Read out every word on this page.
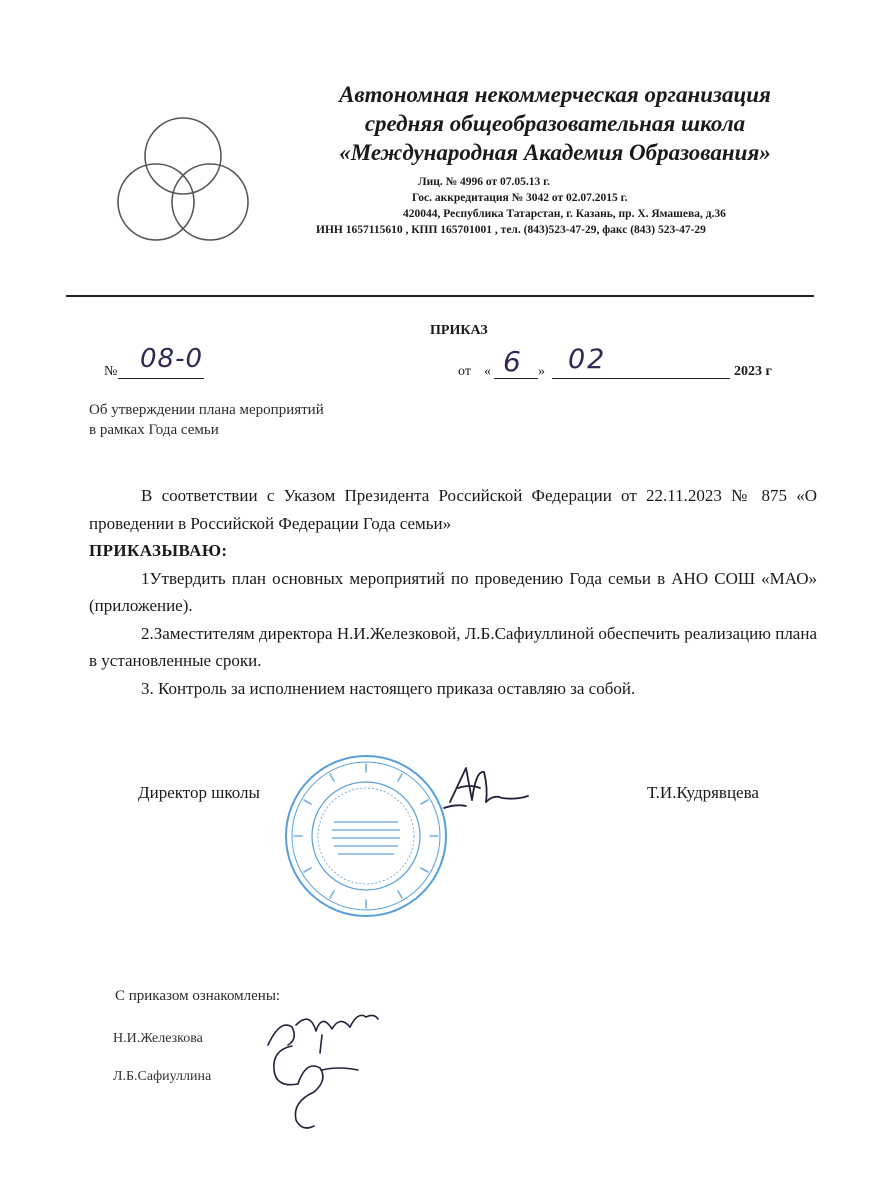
Автономная некоммерческая организация
средняя общеобразовательная школа
«Международная Академия Образования»
Лиц. № 4996 от 07.05.13 г.
Гос. аккредитация № 3042 от 02.07.2015 г.
420044, Республика Татарстан, г. Казань, пр. Х. Ямашева, д.36
ИНН 1657115610 , КПП 165701001 , тел. (843)523-47-29, факс (843) 523-47-29
ПРИКАЗ
№ 08-0	от « 6 » 02	2023 г
Об утверждении плана мероприятий
в рамках Года семьи

В соответствии с Указом Президента Российской Федерации от 22.11.2023 № 875 «О проведении в Российской Федерации Года семьи»

ПРИКАЗЫВАЮ:

1Утвердить план основных мероприятий по проведению Года семьи в АНО СОШ «МАО» (приложение).

2.Заместителям директора Н.И.Железковой, Л.Б.Сафиуллиной обеспечить реализацию плана в установленные сроки.

3. Контроль за исполнением настоящего приказа оставляю за собой.

Директор школы	Т.И.Кудрявцева
С приказом ознакомлены:
Н.И.Железкова
Л.Б.Сафиуллина
